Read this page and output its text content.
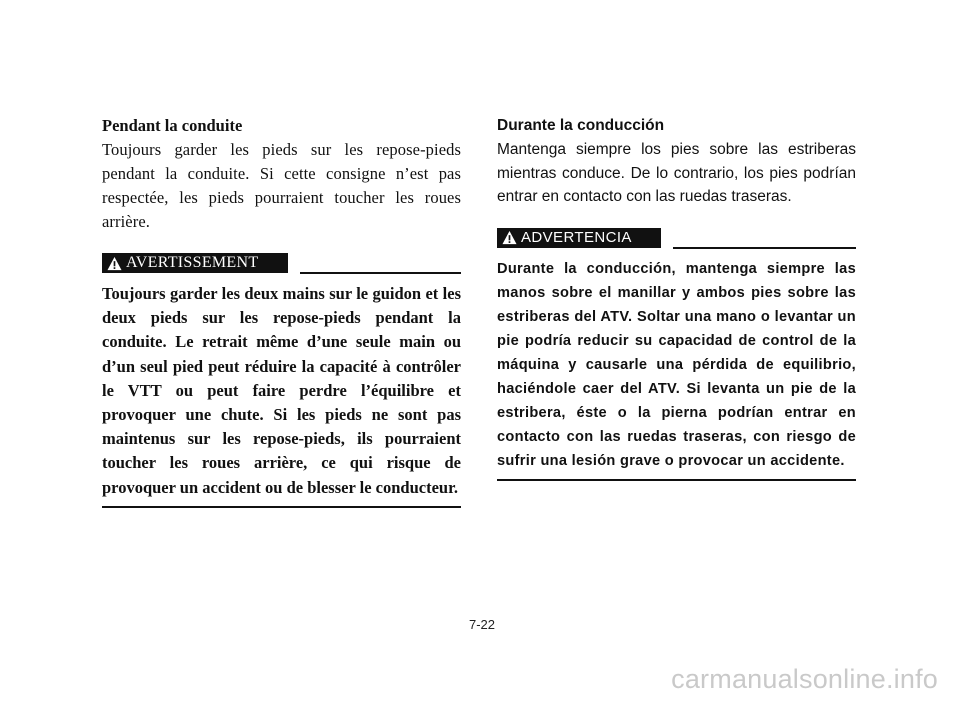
Pendant la conduite

Toujours garder les pieds sur les repose-pieds pendant la conduite. Si cette consigne n’est pas respectée, les pieds pourraient toucher les roues arrière.

AVERTISSEMENT

Toujours garder les deux mains sur le guidon et les deux pieds sur les repose-pieds pendant la conduite. Le retrait même d’une seule main ou d’un seul pied peut réduire la capacité à contrôler le VTT ou peut faire perdre l’équilibre et provoquer une chute. Si les pieds ne sont pas maintenus sur les repose-pieds, ils pourraient toucher les roues arrière, ce qui risque de provoquer un accident ou de blesser le conducteur.

Durante la conducción

Mantenga siempre los pies sobre las estriberas mientras conduce. De lo contrario, los pies podrían entrar en contacto con las ruedas traseras.

ADVERTENCIA

Durante la conducción, mantenga siempre las manos sobre el manillar y ambos pies sobre las estriberas del ATV. Soltar una mano o levantar un pie podría reducir su capacidad de control de la máquina y causarle una pérdida de equilibrio, haciéndole caer del ATV. Si levanta un pie de la estribera, éste o la pierna podrían entrar en contacto con las ruedas traseras, con riesgo de sufrir una lesión grave o provocar un accidente.

7-22
carmanualsonline.info
